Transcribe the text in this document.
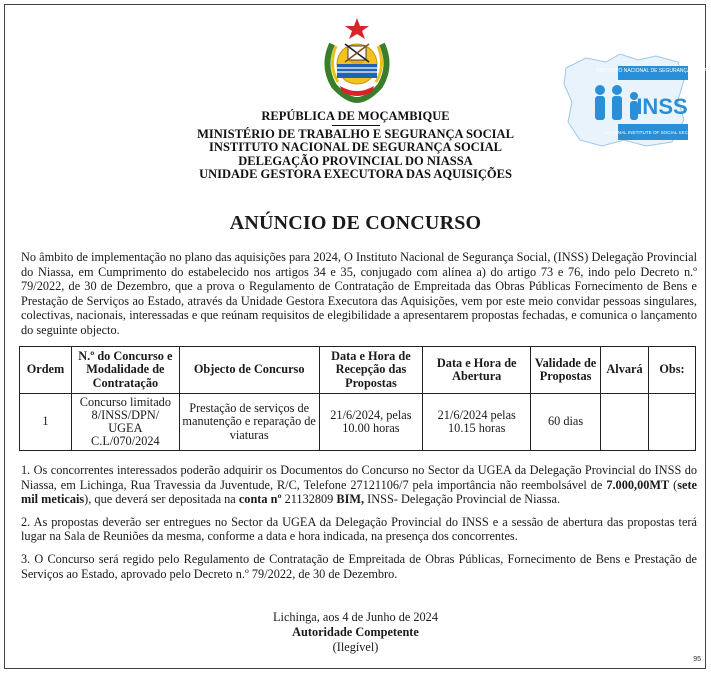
INSTITUTO NACIONAL DE SEGURANÇA SOCIAL
INSS
NATIONAL INSTITUTE OF SOCIAL SECURITY
REPÚBLICA DE MOÇAMBIQUE
MINISTÉRIO DE TRABALHO E SEGURANÇA SOCIAL
INSTITUTO NACIONAL DE SEGURANÇA SOCIAL
DELEGAÇÃO PROVINCIAL DO NIASSA
UNIDADE GESTORA EXECUTORA DAS AQUISIÇÕES
ANÚNCIO DE CONCURSO
No âmbito de implementação no plano das aquisições para 2024, O Instituto Nacional de Segurança Social, (INSS) Delegação Provincial do Niassa, em Cumprimento do estabelecido nos artigos 34 e 35, conjugado com alínea a) do artigo 73 e 76, indo pelo Decreto n.º 79/2022, de 30 de Dezembro, que a prova o Regulamento de Contratação de Empreitada das Obras Públicas Fornecimento de Bens e Prestação de Serviços ao Estado, através da Unidade Gestora Executora das Aquisições, vem por este meio convidar pessoas singulares, colectivas, nacionais, interessadas e que reúnam requisitos de elegibilidade a apresentarem propostas fechadas, e comunica o lançamento do seguinte objecto.
Ordem	N.º do Concurso e Modalidade de Contratação	Objecto de Concurso	Data e Hora de Recepção das Propostas	Data e Hora de Abertura	Validade de Propostas	Alvará	Obs:
1	Concurso limitado 8/INSS/DPN/ UGEA C.L/070/2024	Prestação de serviços de manutenção e reparação de viaturas	21/6/2024, pelas 10.00 horas	21/6/2024 pelas 10.15 horas	60 dias		
1. Os concorrentes interessados poderão adquirir os Documentos do Concurso no Sector da UGEA da Delegação Provincial do INSS do Niassa, em Lichinga, Rua Travessia da Juventude, R/C, Telefone 27121106/7 pela importância não reembolsável de 7.000,00MT (sete mil meticais), que deverá ser depositada na conta nº 21132809 BIM, INSS- Delegação Provincial de Niassa.
2. As propostas deverão ser entregues no Sector da UGEA da Delegação Provincial do INSS e a sessão de abertura das propostas terá lugar na Sala de Reuniões da mesma, conforme a data e hora indicada, na presença dos concorrentes.
3. O Concurso será regido pelo Regulamento de Contratação de Empreitada de Obras Públicas, Fornecimento de Bens e Prestação de Serviços ao Estado, aprovado pelo Decreto n.º 79/2022, de 30 de Dezembro.
Lichinga, aos 4 de Junho de 2024
Autoridade Competente
(Ilegível)
95
